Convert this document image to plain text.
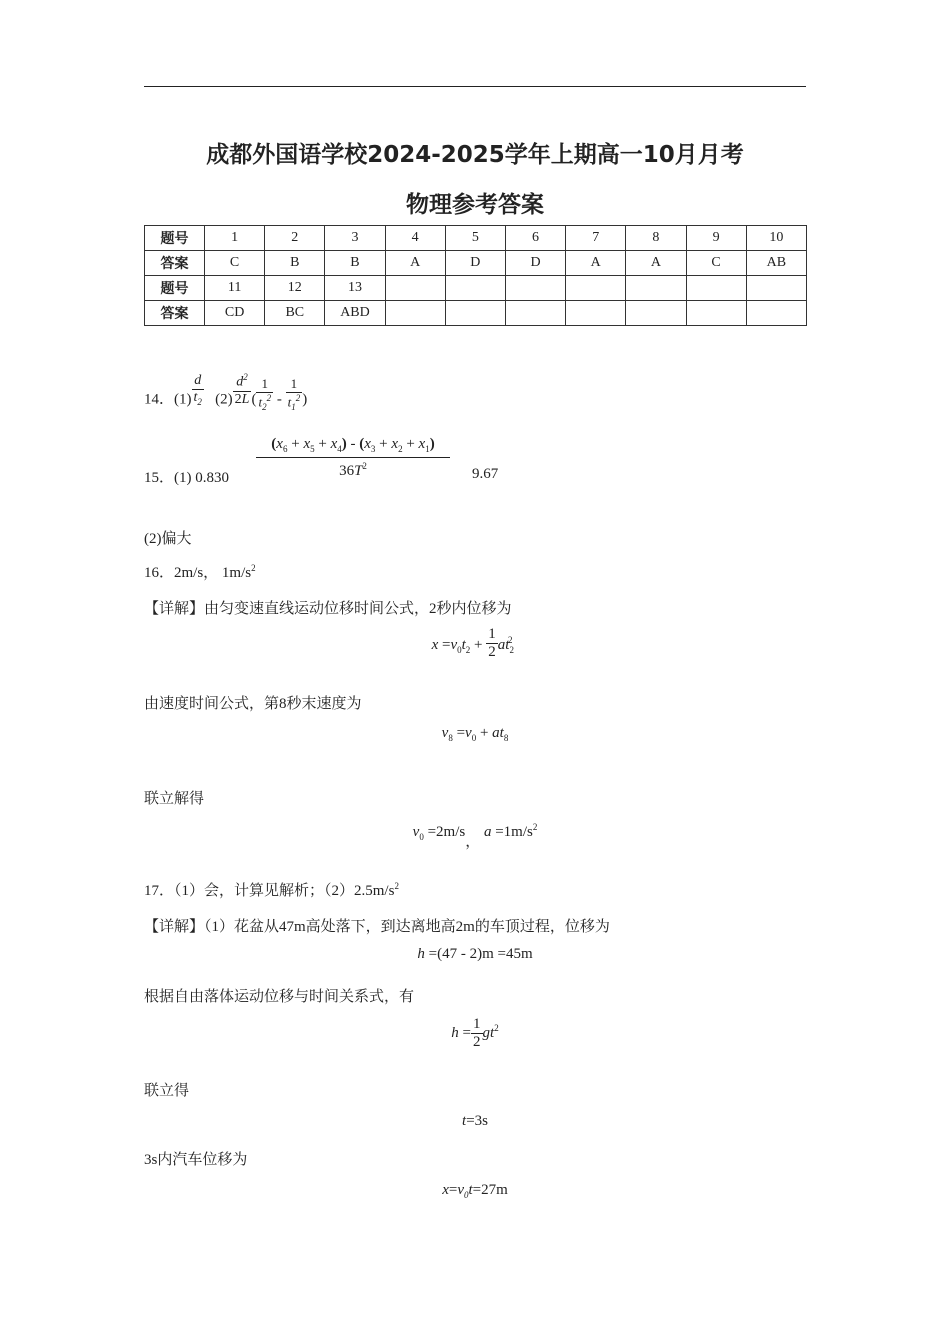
成都外国语学校2024-2025学年上期高一10月月考
物理参考答案
题号	1	2	3	4	5	6	7	8	9	10
答案	C	B	B	A	D	D	A	A	C	AB
题号	11	12	13							
答案	CD	BC	ABD							
14．$(1) \frac{d}{t_2} (2) \frac{d^2}{2L}$ ( $\frac{1}{t_2^2} - \frac{1}{t_1^2}$ )
15．(1) 0.830
$(x_6 + x_5 + x_4) - (x_3 + x_2 + x_1)$
$36T^2$	9.67
(2)偏大
16．2m/s， $1m/s^2$
【详解】由匀变速直线运动位移时间公式，2秒内位移为
$x =v_0t_2 + \frac{1}{2} at_2^2$
由速度时间公式，第8秒末速度为
$v_8 =v_0 + at_8$
联立解得
$v_0 =2m/s$， $a =1m/s^2$
17．（1）会，计算见解析；$(2)2.5m/s^2$
【详解】（1）花盆从47m高处落下，到达离地高2m的车顶过程，位移为
h =(47 - 2)m =45m
根据自由落体运动位移与时间关系式，有
$h = \frac{1}{2} gt^2$
联立得
t=3s
3s内汽车位移为
$x=v_0t=27m$
